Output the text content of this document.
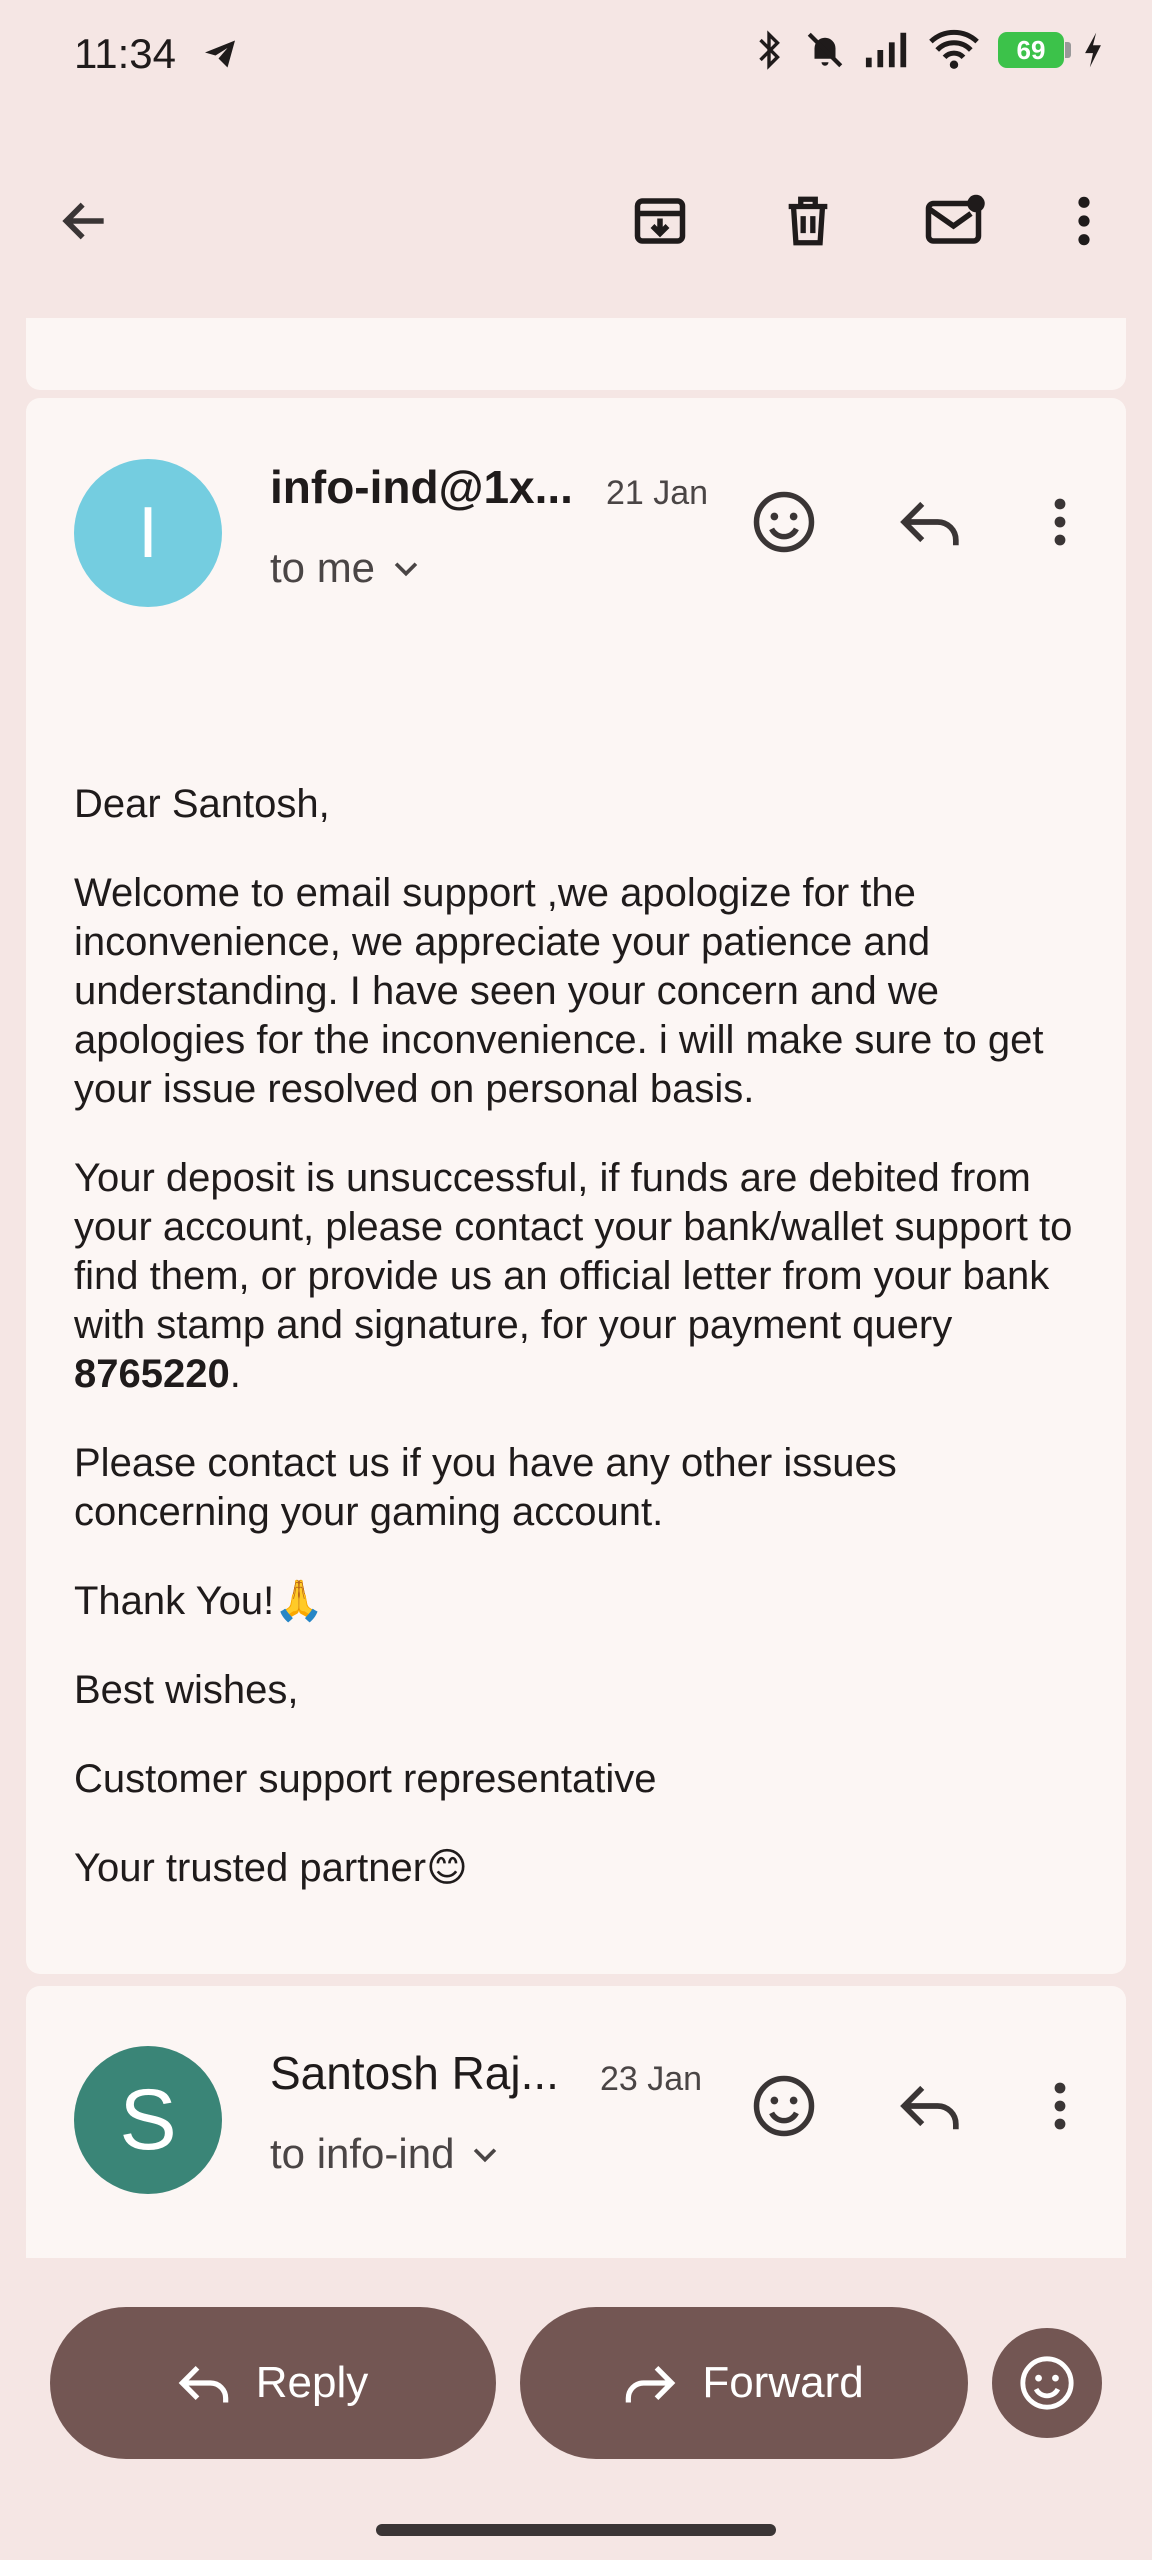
11:34	69
I
info-ind@1x... 21 Jan
to me

Dear Santosh,

Welcome to email support ,we apologize for the inconvenience, we appreciate your patience and understanding. I have seen your concern and we apologies for the inconvenience. i will make sure to get your issue resolved on personal basis.

Your deposit is unsuccessful, if funds are debited from your account, please contact your bank/wallet support to find them, or provide us an official letter from your bank with stamp and signature, for your payment query 8765220.

Please contact us if you have any other issues concerning your gaming account.

Thank You!🙏

Best wishes,

Customer support representative

Your trusted partner😊

S Santosh Raj... 23 Jan
to info-ind
Reply	Forward
